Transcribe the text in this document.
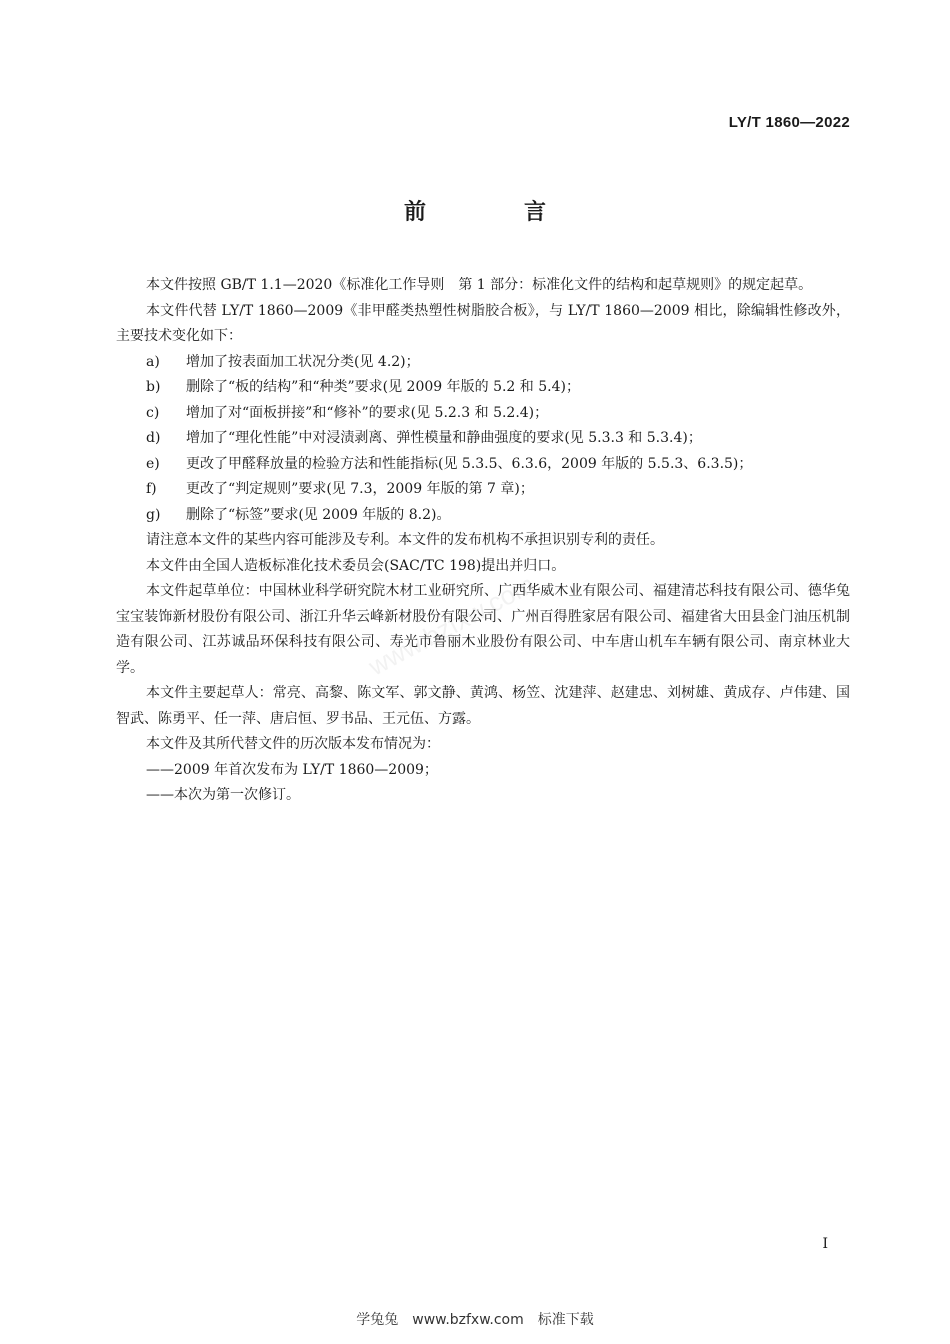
LY/T 1860—2022
前　言

本文件按照 GB/T 1.1—2020《标准化工作导则　第 1 部分：标准化文件的结构和起草规则》的规定起草。

本文件代替 LY/T 1860—2009《非甲醛类热塑性树脂胶合板》，与 LY/T 1860—2009 相比，除编辑性修改外，主要技术变化如下：

a) 增加了按表面加工状况分类(见 4.2)；

b) 删除了“板的结构”和“种类”要求(见 2009 年版的 5.2 和 5.4)；

c) 增加了对“面板拼接”和“修补”的要求(见 5.2.3 和 5.2.4)；

d) 增加了“理化性能”中对浸渍剥离、弹性模量和静曲强度的要求(见 5.3.3 和 5.3.4)；

e) 更改了甲醛释放量的检验方法和性能指标(见 5.3.5、6.3.6，2009 年版的 5.5.3、6.3.5)；

f) 更改了“判定规则”要求(见 7.3，2009 年版的第 7 章)；

g) 删除了“标签”要求(见 2009 年版的 8.2)。

请注意本文件的某些内容可能涉及专利。本文件的发布机构不承担识别专利的责任。

本文件由全国人造板标准化技术委员会(SAC/TC 198)提出并归口。

本文件起草单位：中国林业科学研究院木材工业研究所、广西华威木业有限公司、福建清芯科技有限公司、德华兔宝宝装饰新材股份有限公司、浙江升华云峰新材股份有限公司、广州百得胜家居有限公司、福建省大田县金门油压机制造有限公司、江苏诚品环保科技有限公司、寿光市鲁丽木业股份有限公司、中车唐山机车车辆有限公司、南京林业大学。

本文件主要起草人：常亮、高黎、陈文军、郭文静、黄鸿、杨笠、沈建萍、赵建忠、刘树雄、黄成存、卢伟建、国智武、陈勇平、任一萍、唐启恒、罗书品、王元伍、方露。

本文件及其所代替文件的历次版本发布情况为：

——2009 年首次发布为 LY/T 1860—2009；

——本次为第一次修订。

www.bzfxw.com
I
学兔兔　www.bzfxw.com　标准下载
